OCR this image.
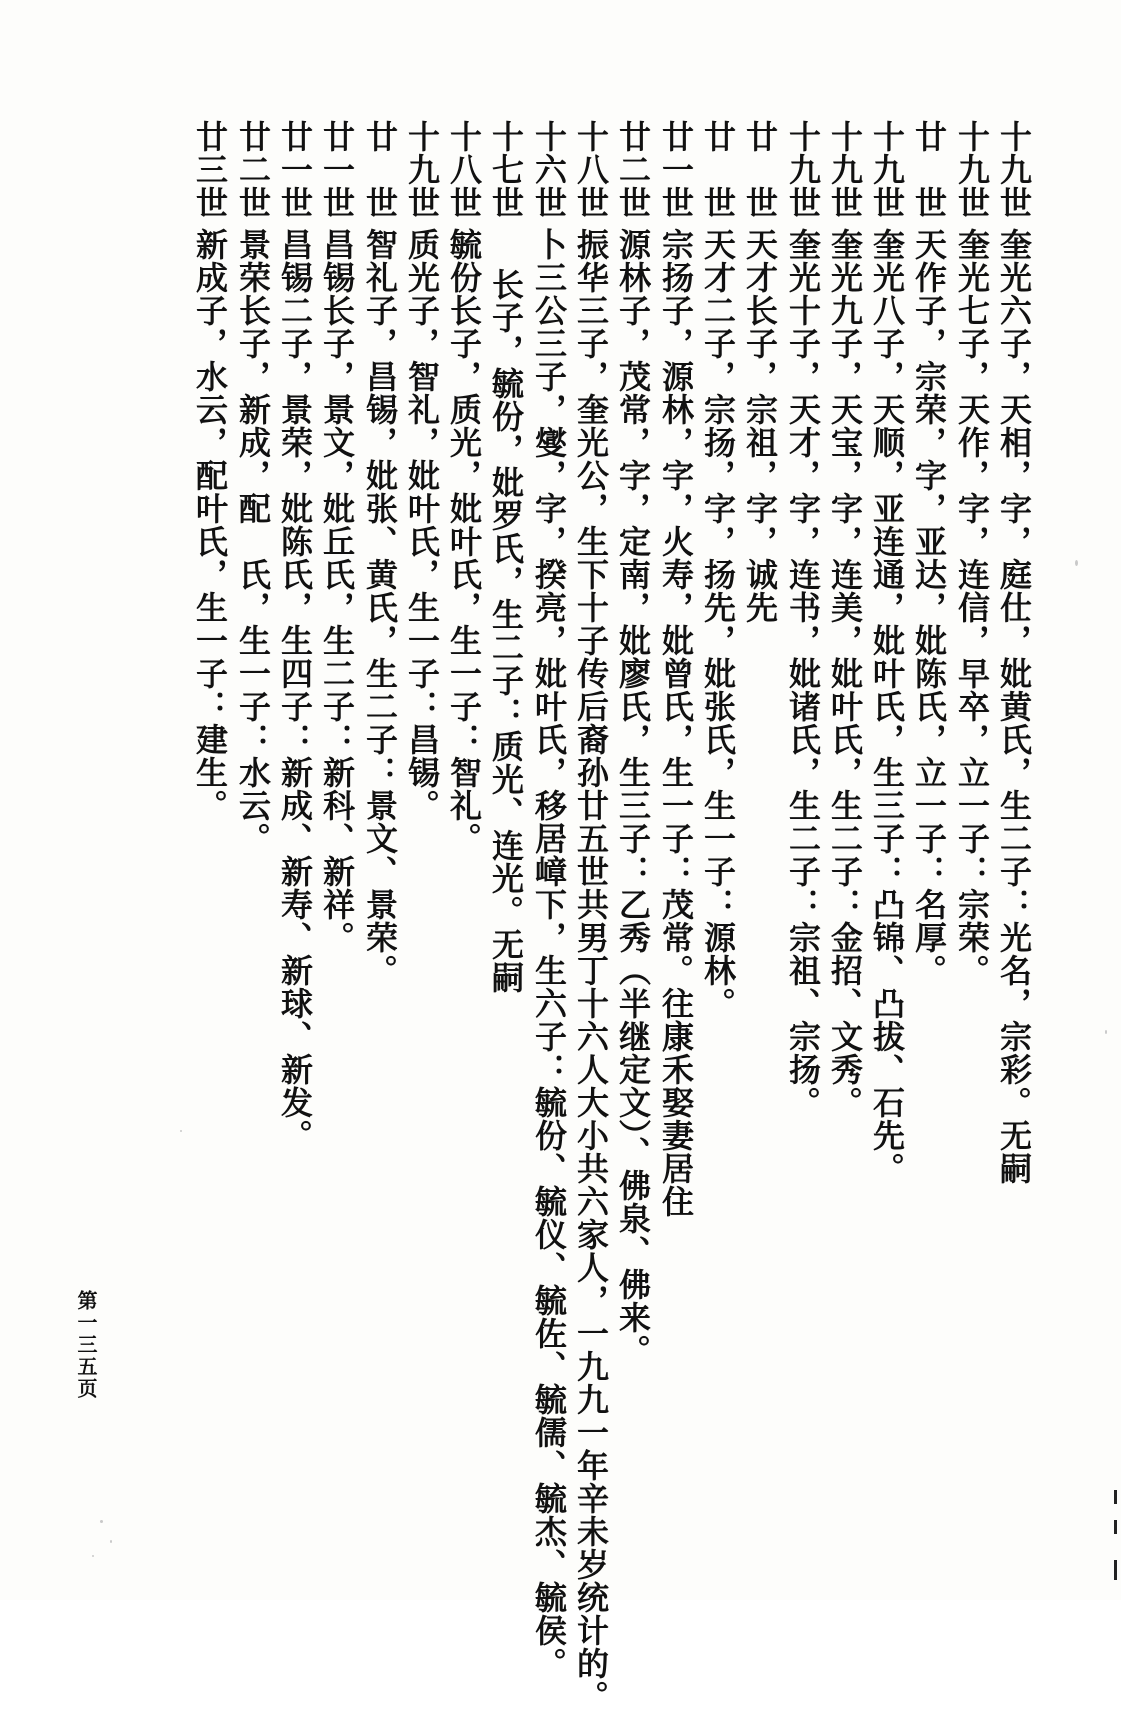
十九世奎光六子，天相，字，庭仕，妣黄氏，生二子：光名，宗彩。无嗣
十九世奎光七子，天作，字，连信，早卒，立一子：宗荣。
廿　世天作子，宗荣，字，亚达，妣陈氏，立一子：名厚。
十九世奎光八子，天顺，亚连通，妣叶氏，生三子：凸锦、凸拔、石先。
十九世奎光九子，天宝，字，连美，妣叶氏，生二子：金招、文秀。
十九世奎光十子，天才，字，连书，妣诸氏，生二子：宗祖、宗扬。
廿　世天才长子，宗祖，字，诚先
廿　世天才二子，宗扬，字，扬先，妣张氏，生一子：源林。
廿一世宗扬子，源林，字，火寿，妣曾氏，生一子：茂常。往康禾娶妻居住
廿二世源林子，茂常，字，定南，妣廖氏，生三子：乙秀（半继定文）、佛泉、佛来。
十八世振华三子，奎光公，生下十子传后裔孙廿五世共男丁十六人大小共六家人，一九九一年辛未岁统计的。
十六世卜三公三子，燮，字，揆亮，妣叶氏，移居嶂下，生六子：毓份、毓仪、毓佐、毓儒、毓杰、毓侯。
十七世长子，毓份，妣罗氏，生二子：质光、连光。无嗣
十八世毓份长子，质光，妣叶氏，生一子：智礼。
十九世质光子，智礼，妣叶氏，生一子：昌锡。
廿　世智礼子，昌锡，妣张、黄氏，生二子：景文、景荣。
廿一世昌锡长子，景文，妣丘氏，生二子：新科、新祥。
廿一世昌锡二子，景荣，妣陈氏，生四子：新成、新寿、新球、新发。
廿二世景荣长子，新成，配　氏，生一子：水云。
廿三世新成子，水云，配叶氏，生一子：建生。
第一三五页
